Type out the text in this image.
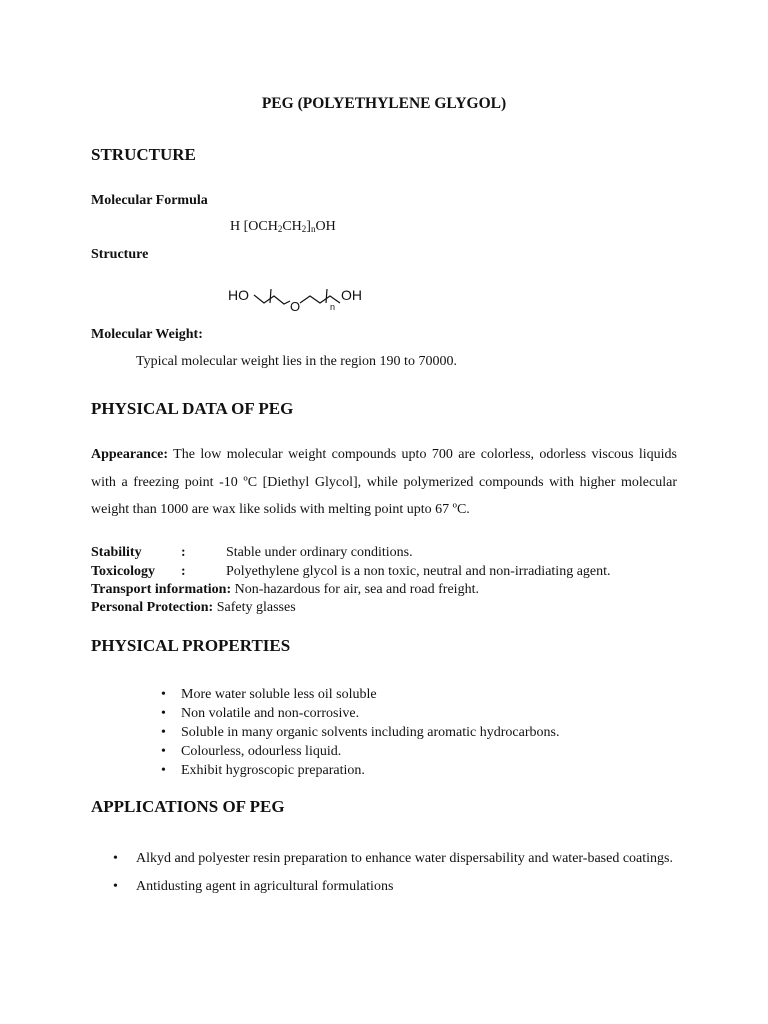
PEG (POLYETHYLENE GLYGOL)
STRUCTURE
Molecular Formula
H $[OCH_2CH_2]_nOH$
Structure
HO
O	n
OH
Molecular Weight:
Typical molecular weight lies in the region 190 to 70000.
PHYSICAL DATA OF PEG
Appearance: The low molecular weight compounds upto 700 are colorless, odorless viscous liquids with a freezing point -10 ºC [Diethyl Glycol], while polymerized compounds with higher molecular weight than 1000 are wax like solids with melting point upto 67 ºC.
Stability	:	Stable under ordinary conditions.
Toxicology :	Polyethylene glycol is a non toxic, neutral and non-irradiating agent.
Transport information: Non-hazardous for air, sea and road freight.
Personal Protection: Safety glasses
PHYSICAL PROPERTIES
• More water soluble less oil soluble
• Non volatile and non-corrosive.
• Soluble in many organic solvents including aromatic hydrocarbons.
• Colourless, odourless liquid.
• Exhibit hygroscopic preparation.
APPLICATIONS OF PEG
• Alkyd and polyester resin preparation to enhance water dispersability and water-based coatings.
• Antidusting agent in agricultural formulations
